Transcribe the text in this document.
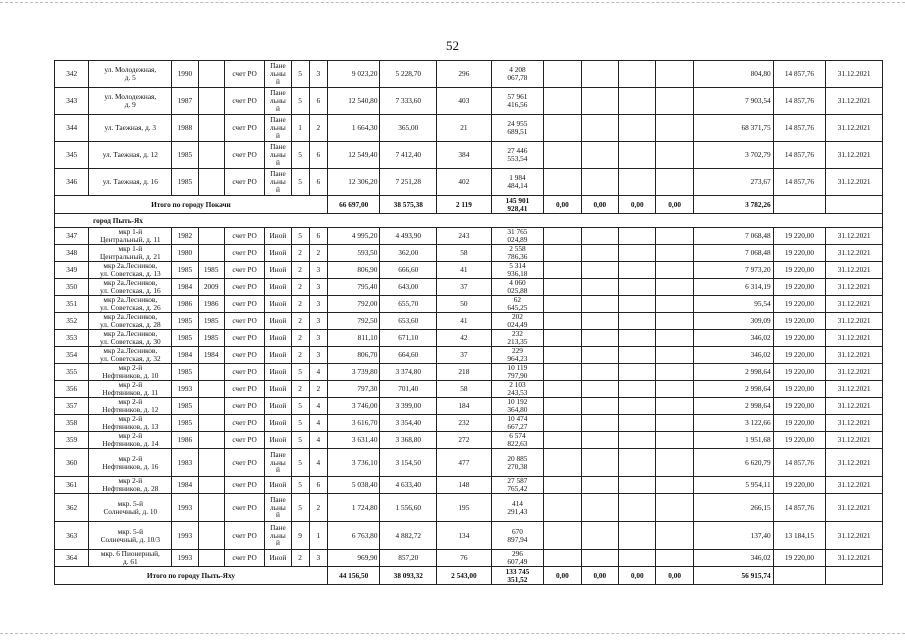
52
342	ул. Молодежная,
д. 5	1990		счет РО	Пане
льны
й	5	3	9 023,20	5 228,70	296	4 208
067,78					804,80	14 857,76	31.12.2021
343	ул. Молодежная,
д. 9	1987		счет РО	Пане
льны
й	5	6	12 540,80	7 333,60	403	57 961
416,56					7 903,54	14 857,76	31.12.2021
344	ул. Таежная, д. 3	1988		счет РО	Пане
льны
й	1	2	1 664,30	365,00	21	24 955
689,51					68 371,75	14 857,76	31.12.2021
345	ул. Таежная, д. 12	1985		счет РО	Пане
льны
й	5	6	12 549,40	7 412,40	384	27 446
553,54					3 702,79	14 857,76	31.12.2021
346	ул. Таежная, д. 16	1985		счет РО	Пане
льны
й	5	6	12 306,20	7 251,28	402	1 984
484,14					273,67	14 857,76	31.12.2021
Итого по городу Покачи								66 697,00	38 575,38	2 119	145 901
928,41	0,00	0,00	0,00	0,00	3 782,26		
город Пыть-Ях																		
347	мкр 1-й
Центральный, д. 11	1982		счет РО	Иной	5	6	4 995,20	4 493,90	243	31 765
024,89					7 068,48	19 220,00	31.12.2021
348	мкр 1-й
Центральный, д. 21	1980		счет РО	Иной	2	2	593,50	362,00	58	2 558
786,36					7 068,48	19 220,00	31.12.2021
349	мкр 2а.Лесников,
ул. Советская, д. 13	1985	1985	счет РО	Иной	2	3	806,90	666,60	41	5 314
936,18					7 973,20	19 220,00	31.12.2021
350	мкр 2а.Лесников,
ул. Советская, д. 16	1984	2009	счет РО	Иной	2	3	795,40	643,00	37	4 060
025,88					6 314,19	19 220,00	31.12.2021
351	мкр 2а.Лесников,
ул. Советская, д. 26	1986	1986	счет РО	Иной	2	3	792,00	655,70	50	62
645,25					95,54	19 220,00	31.12.2021
352	мкр 2а.Лесников,
ул. Советская, д. 28	1985	1985	счет РО	Иной	2	3	792,50	653,60	41	202
024,49					309,09	19 220,00	31.12.2021
353	мкр 2а.Лесников,
ул. Советская, д. 30	1985	1985	счет РО	Иной	2	3	811,10	671,10	42	232
213,35					346,02	19 220,00	31.12.2021
354	мкр 2а.Лесников,
ул. Советская, д. 32	1984	1984	счет РО	Иной	2	3	806,70	664,60	37	229
964,23					346,02	19 220,00	31.12.2021
355	мкр 2-й
Нефтяников, д. 10	1985		счет РО	Иной	5	4	3 739,80	3 374,80	218	10 119
797,90					2 998,64	19 220,00	31.12.2021
356	мкр 2-й
Нефтяников, д. 11	1993		счет РО	Иной	2	2	797,30	701,40	58	2 103
243,53					2 998,64	19 220,00	31.12.2021
357	мкр 2-й
Нефтяников, д. 12	1985		счет РО	Иной	5	4	3 746,00	3 399,00	184	10 192
364,80					2 998,64	19 220,00	31.12.2021
358	мкр 2-й
Нефтяников, д. 13	1985		счет РО	Иной	5	4	3 616,70	3 354,40	232	10 474
667,27					3 122,66	19 220,00	31.12.2021
359	мкр 2-й
Нефтяников, д. 14	1986		счет РО	Иной	5	4	3 631,40	3 368,80	272	6 574
822,63					1 951,68	19 220,00	31.12.2021
360	мкр 2-й
Нефтяников, д. 16	1983		счет РО	Пане
льны
й	5	4	3 736,10	3 154,50	477	20 885
270,38					6 620,79	14 857,76	31.12.2021
361	мкр 2-й
Нефтяников, д. 28	1984		счет РО	Иной	5	6	5 038,40	4 633,40	148	27 587
765,42					5 954,11	19 220,00	31.12.2021
362	мкр. 5-й
Солнечный, д. 10	1993		счет РО	Пане
льны
й	5	2	1 724,80	1 556,60	195	414
291,43					266,15	14 857,76	31.12.2021
363	мкр. 5-й
Солнечный, д. 10/3	1993		счет РО	Пане
льны
й	9	1	6 763,80	4 882,72	134	670
897,94					137,40	13 184,15	31.12.2021
364	мкр. 6 Пионерный,
д. 61	1993		счет РО	Иной	2	3	969,90	857,20	76	296
607,49					346,02	19 220,00	31.12.2021
Итого по городу Пыть-Яху								44 156,50	38 093,32	2 543,00	133 745
351,52	0,00	0,00	0,00	0,00	56 915,74		
